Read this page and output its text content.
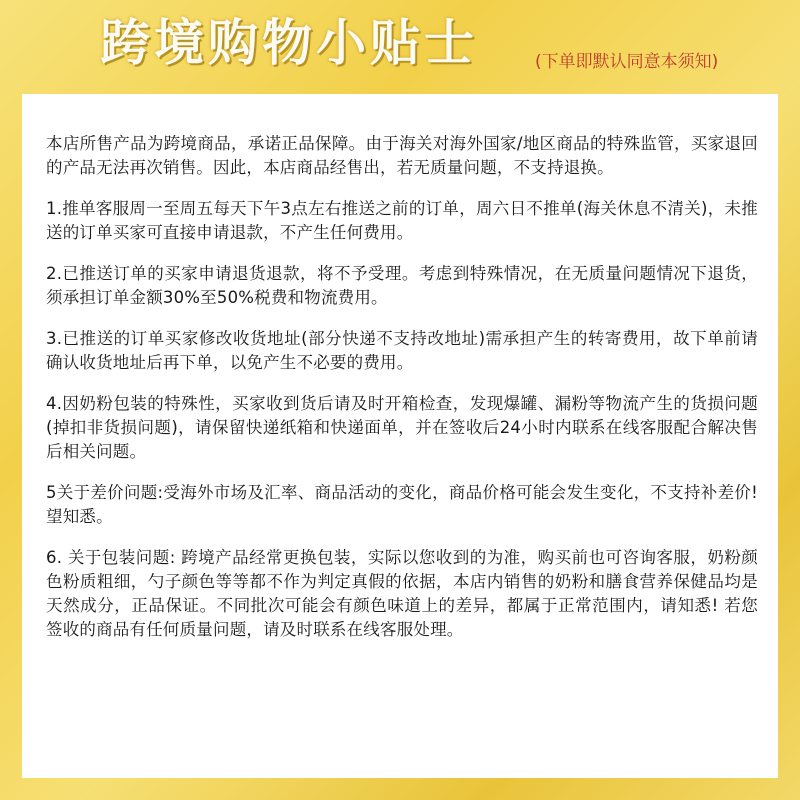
跨境购物小贴士	(下单即默认同意本须知)

本店所售产品为跨境商品，承诺正品保障。由于海关对海外国家/地区商品的特殊监管，买家退回的产品无法再次销售。因此，本店商品经售出，若无质量问题，不支持退换。

1.推单客服周一至周五每天下午3点左右推送之前的订单，周六日不推单(海关休息不清关)，未推送的订单买家可直接申请退款，不产生任何费用。

2.已推送订单的买家申请退货退款，将不予受理。考虑到特殊情况，在无质量问题情况下退货，须承担订单金额30%至50%税费和物流费用。

3.已推送的订单买家修改收货地址(部分快递不支持改地址)需承担产生的转寄费用，故下单前请确认收货地址后再下单，以免产生不必要的费用。

4.因奶粉包装的特殊性，买家收到货后请及时开箱检查，发现爆罐、漏粉等物流产生的货损问题(掉扣非货损问题)，请保留快递纸箱和快递面单，并在签收后24小时内联系在线客服配合解决售后相关问题。

5关于差价问题:受海外市场及汇率、商品活动的变化，商品价格可能会发生变化，不支持补差价!望知悉。

6. 关于包装问题: 跨境产品经常更换包装，实际以您收到的为准，购买前也可咨询客服，奶粉颜色粉质粗细，勺子颜色等等都不作为判定真假的依据，本店内销售的奶粉和膳食营养保健品均是天然成分，正品保证。不同批次可能会有颜色味道上的差异，都属于正常范围内，请知悉! 若您签收的商品有任何质量问题，请及时联系在线客服处理。
